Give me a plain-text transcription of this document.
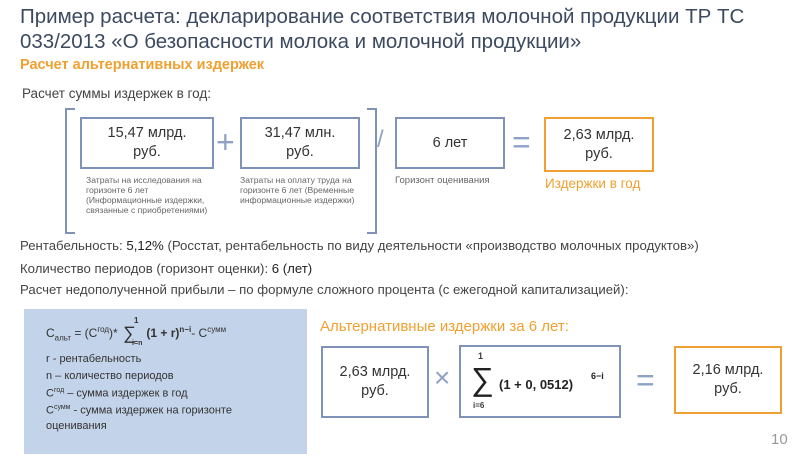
Пример расчета: декларирование соответствия молочной продукции ТР ТС 033/2013 «О безопасности молока и молочной продукции»
Расчет альтернативных издержек
Расчет суммы издержек в год:
15,47 млрд.
руб.
Затраты на исследования на горизонте 6 лет (Информационные издержки, связанные с приобретениями)
+ 31,47 млн.
руб.
Затраты на оплату труда на горизонте 6 лет (Временные информационные издержки)
/	6 лет
Горизонт оценивания
= 2,63 млрд.
руб.
Издержки в год
Рентабельность: 5,12% (Росстат, рентабельность по виду деятельности «производство молочных продуктов»)
Количество периодов (горизонт оценки): 6 (лет)
Расчет недополученной прибыли – по формуле сложного процента (с ежегодной капитализацией):
$C_{альт} = (C^{год})*$ ∑
1
i=n
$(1 + r)^{n-i}-$ $C^{сумм}$
r - рентабельность
n – количество периодов
$C^{год}$ – сумма издержек в год
$C^{сумм}$ - сумма издержек на горизонте
оценивания
Альтернативные издержки за 6 лет:
2,63 млрд.
руб.	× ∑
1
i=6
(1 + 0, 0512)
6−i =	2,16 млрд.
руб.
10
